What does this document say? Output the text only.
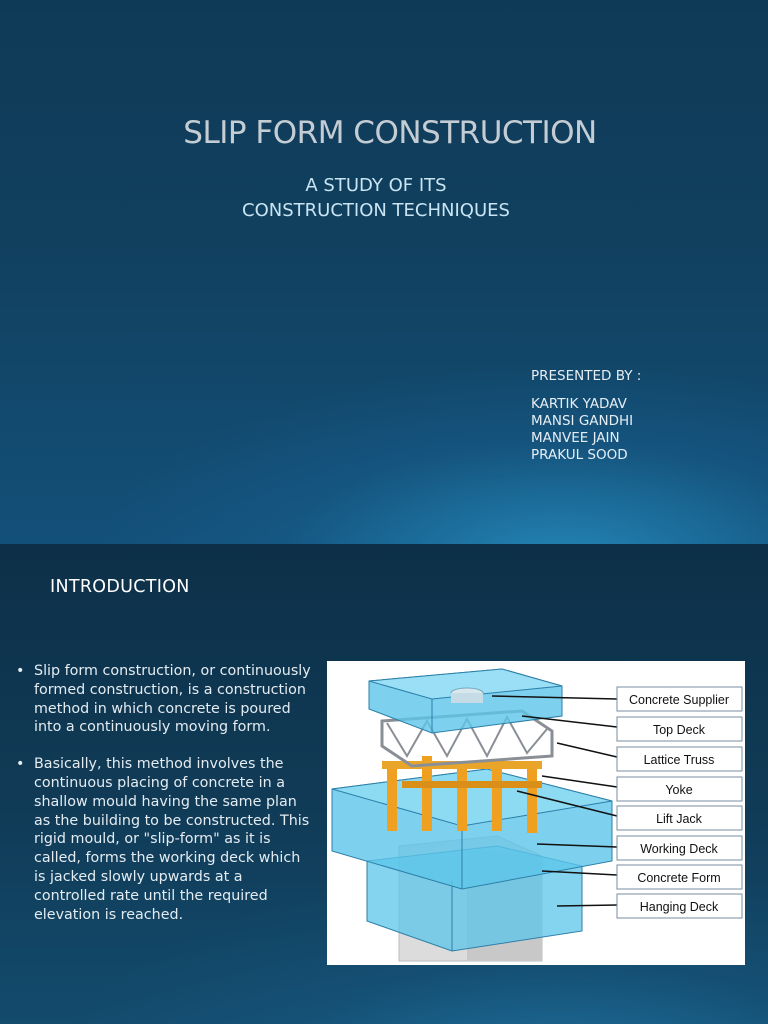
SLIP FORM CONSTRUCTION
A STUDY OF ITS
CONSTRUCTION TECHNIQUES
PRESENTED BY :
KARTIK YADAV
MANSI GANDHI
MANVEE JAIN
PRAKUL SOOD
INTRODUCTION
• Slip form construction, or continuously formed construction, is a construction method in which concrete is poured into a continuously moving form.
• Basically, this method involves the continuous placing of concrete in a shallow mould having the same plan as the building to be constructed. This rigid mould, or "slip-form" as it is called, forms the working deck which is jacked slowly upwards at a controlled rate until the required elevation is reached.
Concrete Supplier
Top Deck
Lattice Truss
Yoke
Lift Jack
Working Deck
Concrete Form
Hanging Deck
